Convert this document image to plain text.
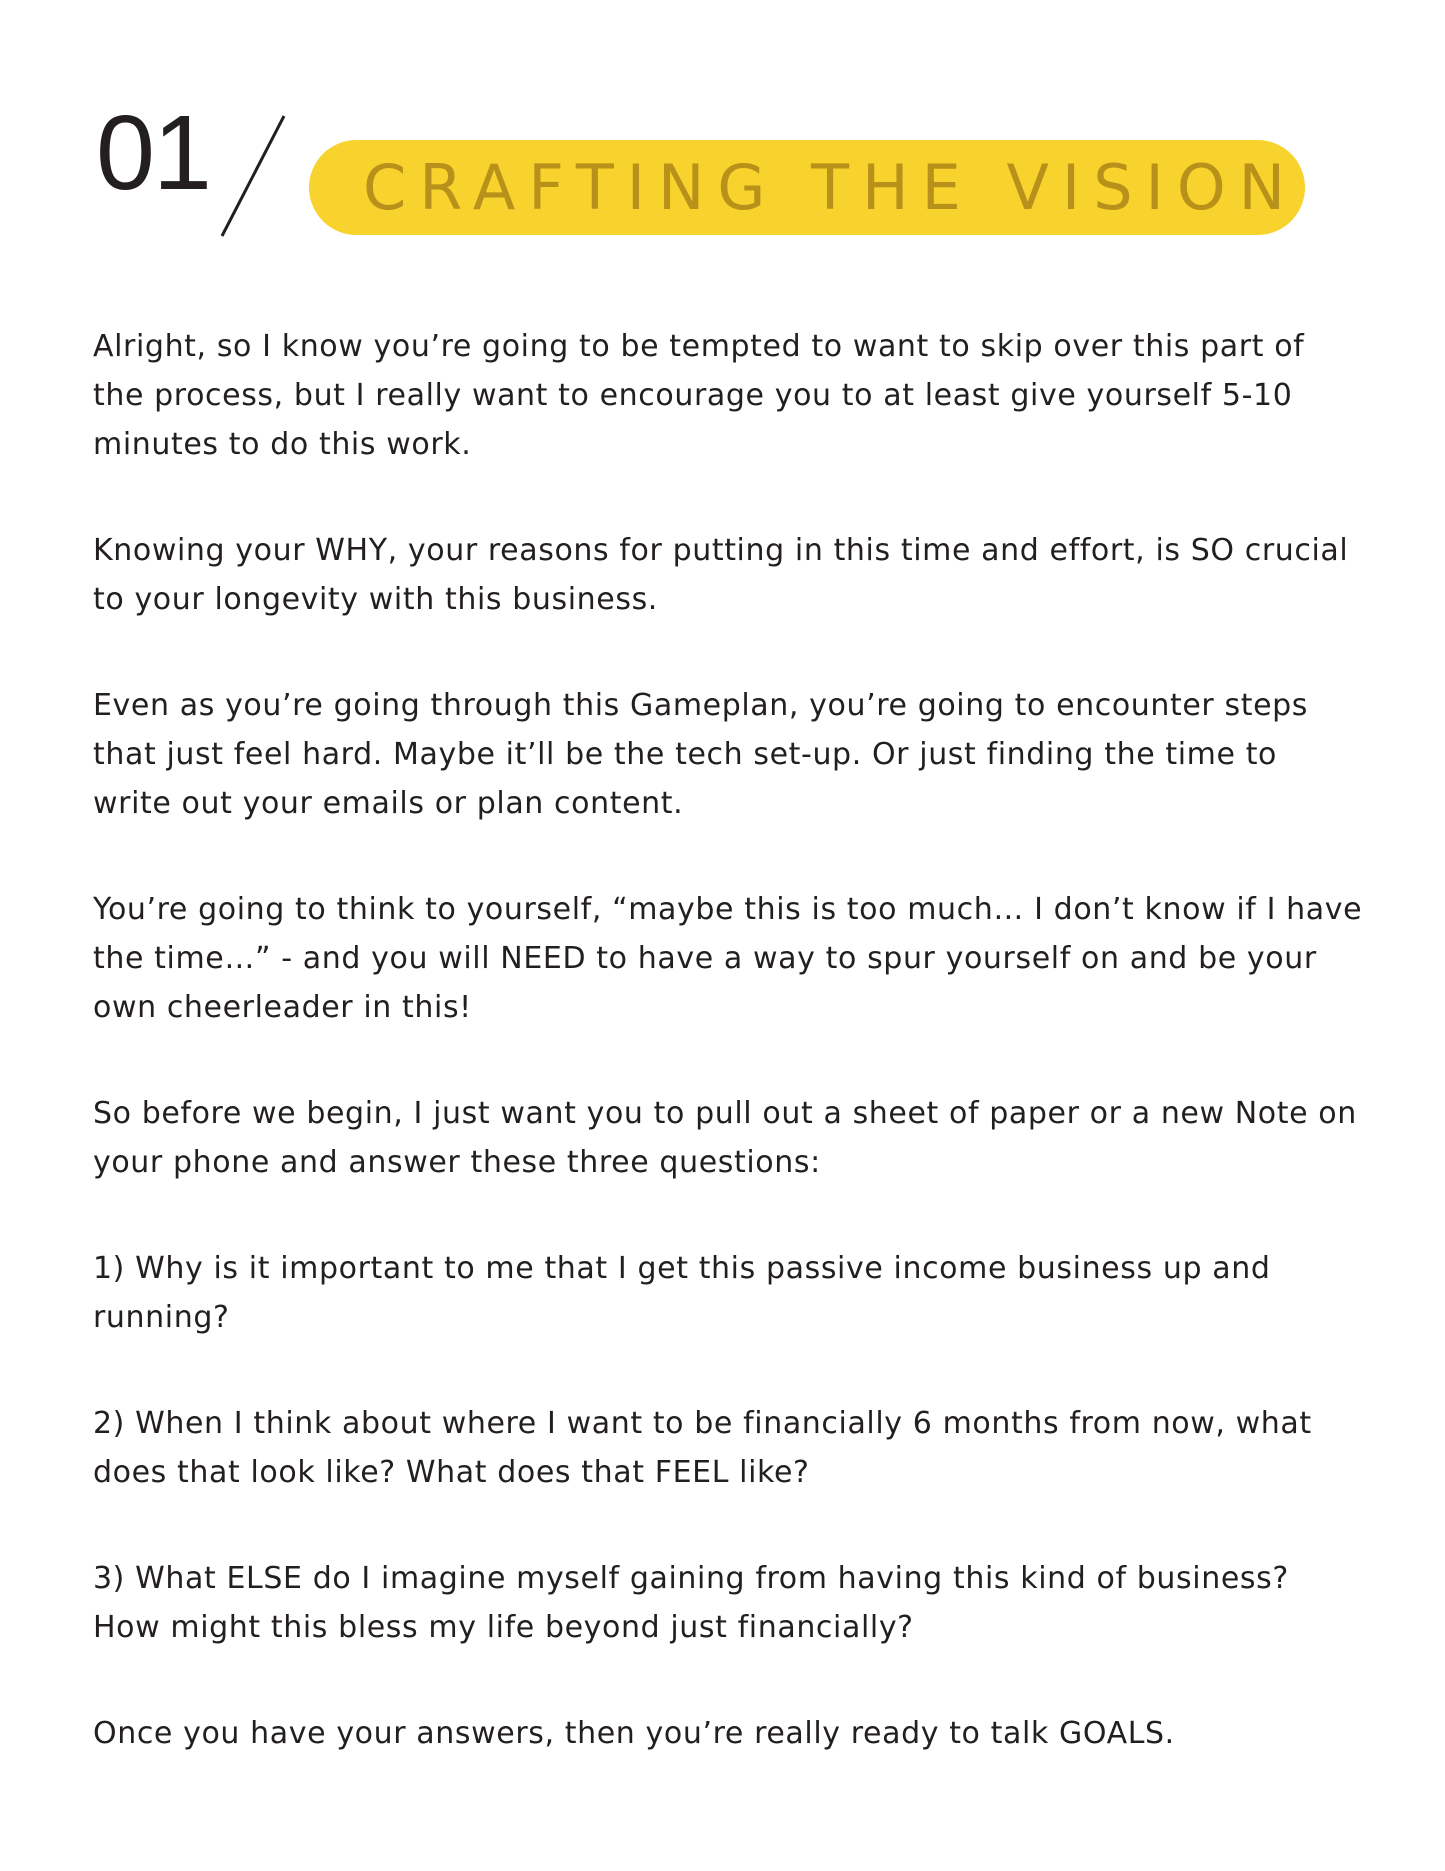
01 CRAFTING THE VISION

Alright, so I know you’re going to be tempted to want to skip over this part of the process, but I really want to encourage you to at least give yourself 5-10 minutes to do this work.

Knowing your WHY, your reasons for putting in this time and effort, is SO crucial to your longevity with this business.

Even as you’re going through this Gameplan, you’re going to encounter steps that just feel hard. Maybe it’ll be the tech set-up. Or just finding the time to write out your emails or plan content.

You’re going to think to yourself, “maybe this is too much… I don’t know if I have the time…” - and you will NEED to have a way to spur yourself on and be your own cheerleader in this!

So before we begin, I just want you to pull out a sheet of paper or a new Note on your phone and answer these three questions:

1) Why is it important to me that I get this passive income business up and running?

2) When I think about where I want to be financially 6 months from now, what does that look like? What does that FEEL like?

3) What ELSE do I imagine myself gaining from having this kind of business? How might this bless my life beyond just financially?

Once you have your answers, then you’re really ready to talk GOALS.
